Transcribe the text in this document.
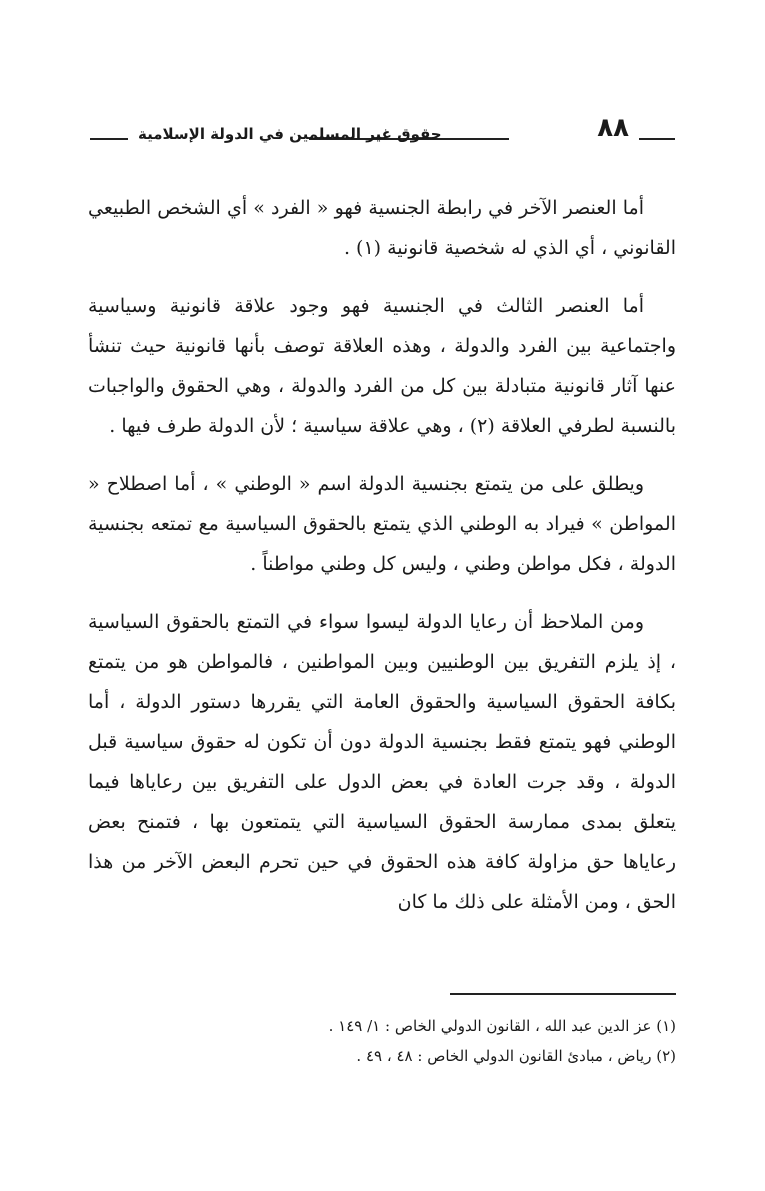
٨٨
حقوق غير المسلمين في الدولة الإسلامية

أما العنصر الآخر في رابطة الجنسية فهو « الفرد » أي الشخص الطبيعي القانوني ، أي الذي له شخصية قانونية (١) .

أما العنصر الثالث في الجنسية فهو وجود علاقة قانونية وسياسية واجتماعية بين الفرد والدولة ، وهذه العلاقة توصف بأنها قانونية حيث تنشأ عنها آثار قانونية متبادلة بين كل من الفرد والدولة ، وهي الحقوق والواجبات بالنسبة لطرفي العلاقة (٢) ، وهي علاقة سياسية ؛ لأن الدولة طرف فيها .

ويطلق على من يتمتع بجنسية الدولة اسم « الوطني » ، أما اصطلاح « المواطن » فيراد به الوطني الذي يتمتع بالحقوق السياسية مع تمتعه بجنسية الدولة ، فكل مواطن وطني ، وليس كل وطني مواطناً .

ومن الملاحظ أن رعايا الدولة ليسوا سواء في التمتع بالحقوق السياسية ، إذ يلزم التفريق بين الوطنيين وبين المواطنين ، فالمواطن هو من يتمتع بكافة الحقوق السياسية والحقوق العامة التي يقررها دستور الدولة ، أما الوطني فهو يتمتع فقط بجنسية الدولة دون أن تكون له حقوق سياسية قبل الدولة ، وقد جرت العادة في بعض الدول على التفريق بين رعاياها فيما يتعلق بمدى ممارسة الحقوق السياسية التي يتمتعون بها ، فتمنح بعض رعاياها حق مزاولة كافة هذه الحقوق في حين تحرم البعض الآخر من هذا الحق ، ومن الأمثلة على ذلك ما كان

(١) عز الدين عبد الله ، القانون الدولي الخاص : ١/ ١٤٩ .

(٢) رياض ، مبادئ القانون الدولي الخاص : ٤٨ ، ٤٩ .
